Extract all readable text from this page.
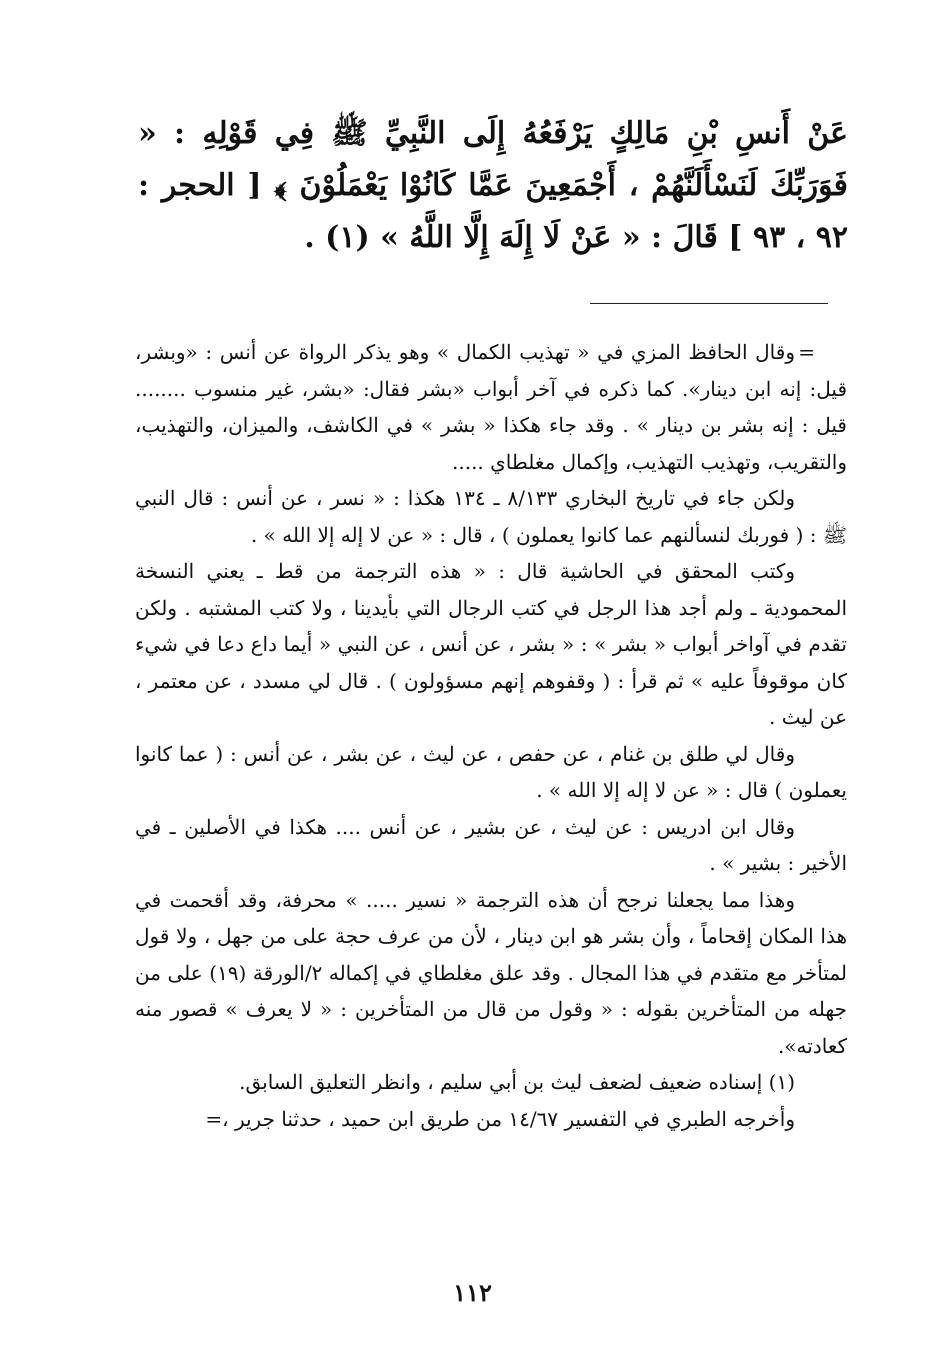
عَنْ أَنسِ بْنِ مَالِكٍ يَرْفَعُهُ إِلَى النَّبِيِّ ﷺ فِي قَوْلِهِ : « فَوَرَبِّكَ لَنَسْأَلَنَّهُمْ ، أَجْمَعِينَ عَمَّا كَانُوْا يَعْمَلُوْنَ ﴾ [ الحجر : ٩٢ ، ٩٣ ] قَالَ : « عَنْ لَا إِلَهَ إِلَّا اللَّهُ » (١) .

=
وقال الحافظ المزي في « تهذيب الكمال » وهو يذكر الرواة عن أنس : «وبشر، قيل: إنه ابن دينار». كما ذكره في آخر أبواب «بشر فقال: «بشر، غير منسوب ........ قيل : إنه بشر بن دينار » . وقد جاء هكذا « بشر » في الكاشف، والميزان، والتهذيب، والتقريب، وتهذيب التهذيب، وإكمال مغلطاي .....

ولكن جاء في تاريخ البخاري ٨/١٣٣ ـ ١٣٤ هكذا : « نسر ، عن أنس : قال النبي ﷺ : ( فوربك لنسألنهم عما كانوا يعملون ) ، قال : « عن لا إله إلا الله » .

وكتب المحقق في الحاشية قال : « هذه الترجمة من قط ـ يعني النسخة المحمودية ـ ولم أجد هذا الرجل في كتب الرجال التي بأيدينا ، ولا كتب المشتبه . ولكن تقدم في آواخر أبواب « بشر » : « بشر ، عن أنس ، عن النبي « أيما داع دعا في شيء كان موقوفاً عليه » ثم قرأ : ( وقفوهم إنهم مسؤولون ) . قال لي مسدد ، عن معتمر ، عن ليث .

وقال لي طلق بن غنام ، عن حفص ، عن ليث ، عن بشر ، عن أنس : ( عما كانوا يعملون ) قال : « عن لا إله إلا الله » .

وقال ابن ادريس : عن ليث ، عن بشير ، عن أنس .... هكذا في الأصلين ـ في الأخير : بشير » .

وهذا مما يجعلنا نرجح أن هذه الترجمة « نسير ..... » محرفة، وقد أقحمت في هذا المكان إقحاماً ، وأن بشر هو ابن دينار ، لأن من عرف حجة على من جهل ، ولا قول لمتأخر مع متقدم في هذا المجال . وقد علق مغلطاي في إكماله ٢/الورقة (١٩) على من جهله من المتأخرين بقوله : « وقول من قال من المتأخرين : « لا يعرف » قصور منه كعادته».

(١) إسناده ضعيف لضعف ليث بن أبي سليم ، وانظر التعليق السابق.

وأخرجه الطبري في التفسير ١٤/٦٧ من طريق ابن حميد ، حدثنا جرير ،=

١١٢
